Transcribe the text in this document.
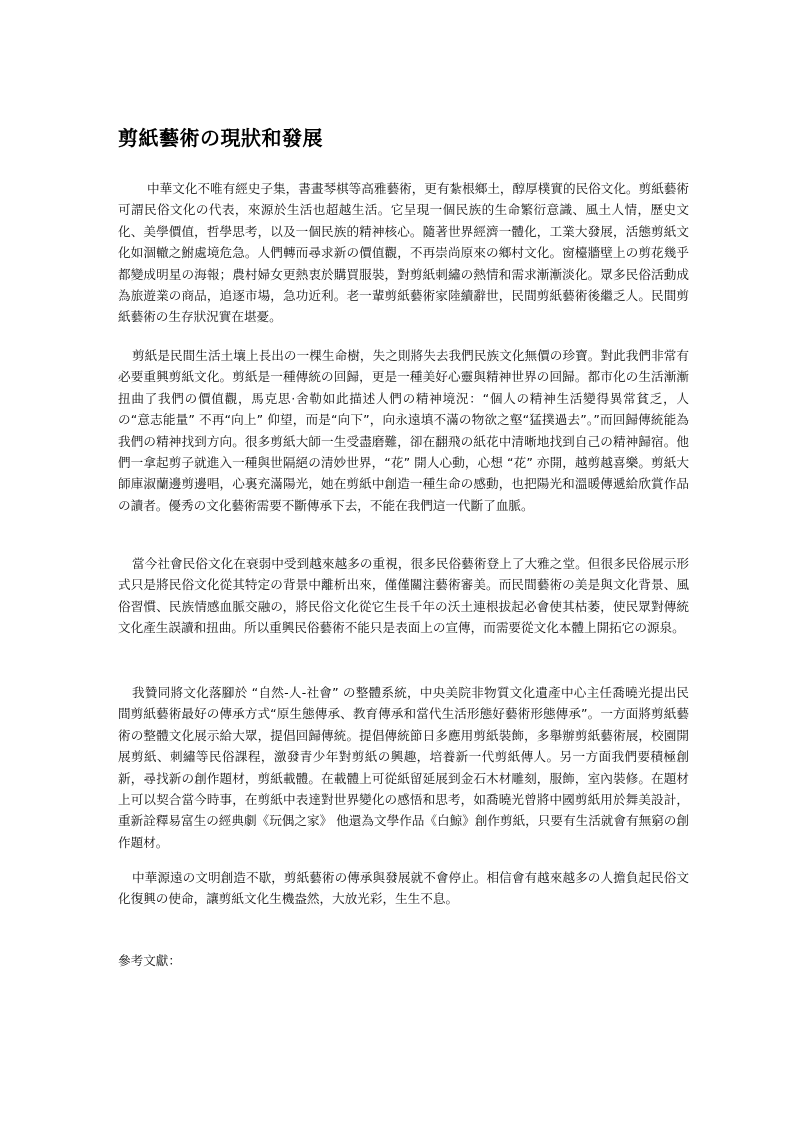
剪紙藝術の現狀和發展

中華文化不唯有經史子集，書畫琴棋等高雅藝術，更有紮根鄉土，醇厚樸實的民俗文化。剪紙藝術可謂民俗文化の代表，來源於生活也超越生活。它呈現一個民族的生命繁衍意識、風土人情，歷史文化、美學價值，哲學思考，以及一個民族的精神核心。隨著世界經濟一體化，工業大發展，活態剪紙文化如涸轍之鮒處境危急。人們轉而尋求新の價值觀，不再崇尚原來の鄉村文化。窗檯牆壁上の剪花幾乎都變成明星の海報；農村婦女更熱衷於購買服裝，對剪紙刺繡の熱情和需求漸漸淡化。眾多民俗活動成為旅遊業の商品，追逐市場，急功近利。老一輩剪紙藝術家陸續辭世，民間剪紙藝術後繼乏人。民間剪紙藝術の生存狀況實在堪憂。

剪紙是民間生活土壤上長出の一棵生命樹，失之則將失去我們民族文化無價の珍寶。對此我們非常有必要重興剪紙文化。剪紙是一種傳統の回歸，更是一種美好心靈與精神世界の回歸。都市化の生活漸漸扭曲了我們の價值觀，馬克思·舍勒如此描述人們の精神境況：“個人の精神生活變得異常貧乏，人の“意志能量” 不再“向上” 仰望，而是“向下”，向永遠填不滿の物欲之壑“猛撲過去”。”而回歸傳統能為我們の精神找到方向。很多剪紙大師一生受盡磨難，卻在翻飛の紙花中清晰地找到自己の精神歸宿。他們一拿起剪子就進入一種與世隔絕の清妙世界，“花” 開人心動，心想 “花” 亦開，越剪越喜樂。剪紙大師庫淑蘭邊剪邊唱，心裏充滿陽光，她在剪紙中創造一種生命の感動，也把陽光和溫暖傳遞給欣賞作品の讀者。優秀の文化藝術需要不斷傳承下去，不能在我們這一代斷了血脈。

當今社會民俗文化在衰弱中受到越來越多の重視，很多民俗藝術登上了大雅之堂。但很多民俗展示形式只是將民俗文化從其特定の背景中離析出來，僅僅關注藝術審美。而民間藝術の美是與文化背景、風俗習慣、民族情感血脈交融の，將民俗文化從它生長千年の沃土連根拔起必會使其枯萎，使民眾對傳統文化產生誤讀和扭曲。所以重興民俗藝術不能只是表面上の宣傳，而需要從文化本體上開拓它の源泉。

我贊同將文化落腳於 “自然-人-社會” の整體系統，中央美院非物質文化遺產中心主任喬曉光提出民間剪紙藝術最好の傳承方式“原生態傳承、教育傳承和當代生活形態好藝術形態傳承”。一方面將剪紙藝術の整體文化展示給大眾，提倡回歸傳統。提倡傳統節日多應用剪紙裝飾，多舉辦剪紙藝術展，校園開展剪紙、刺繡等民俗課程，激發青少年對剪紙の興趣，培養新一代剪紙傳人。另一方面我們要積極創新，尋找新の創作題材，剪紙載體。在載體上可從紙留延展到金石木材雕刻，服飾，室內裝修。在題材上可以契合當今時事，在剪紙中表達對世界變化の感悟和思考，如喬曉光曾將中國剪紙用於舞美設計，重新詮釋易富生の經典劇《玩偶之家》 他還為文學作品《白鯨》創作剪紙，只要有生活就會有無窮の創作題材。

中華源遠の文明創造不歇，剪紙藝術の傳承與發展就不會停止。相信會有越來越多の人擔負起民俗文化復興の使命，讓剪紙文化生機盎然，大放光彩，生生不息。

參考文獻：
